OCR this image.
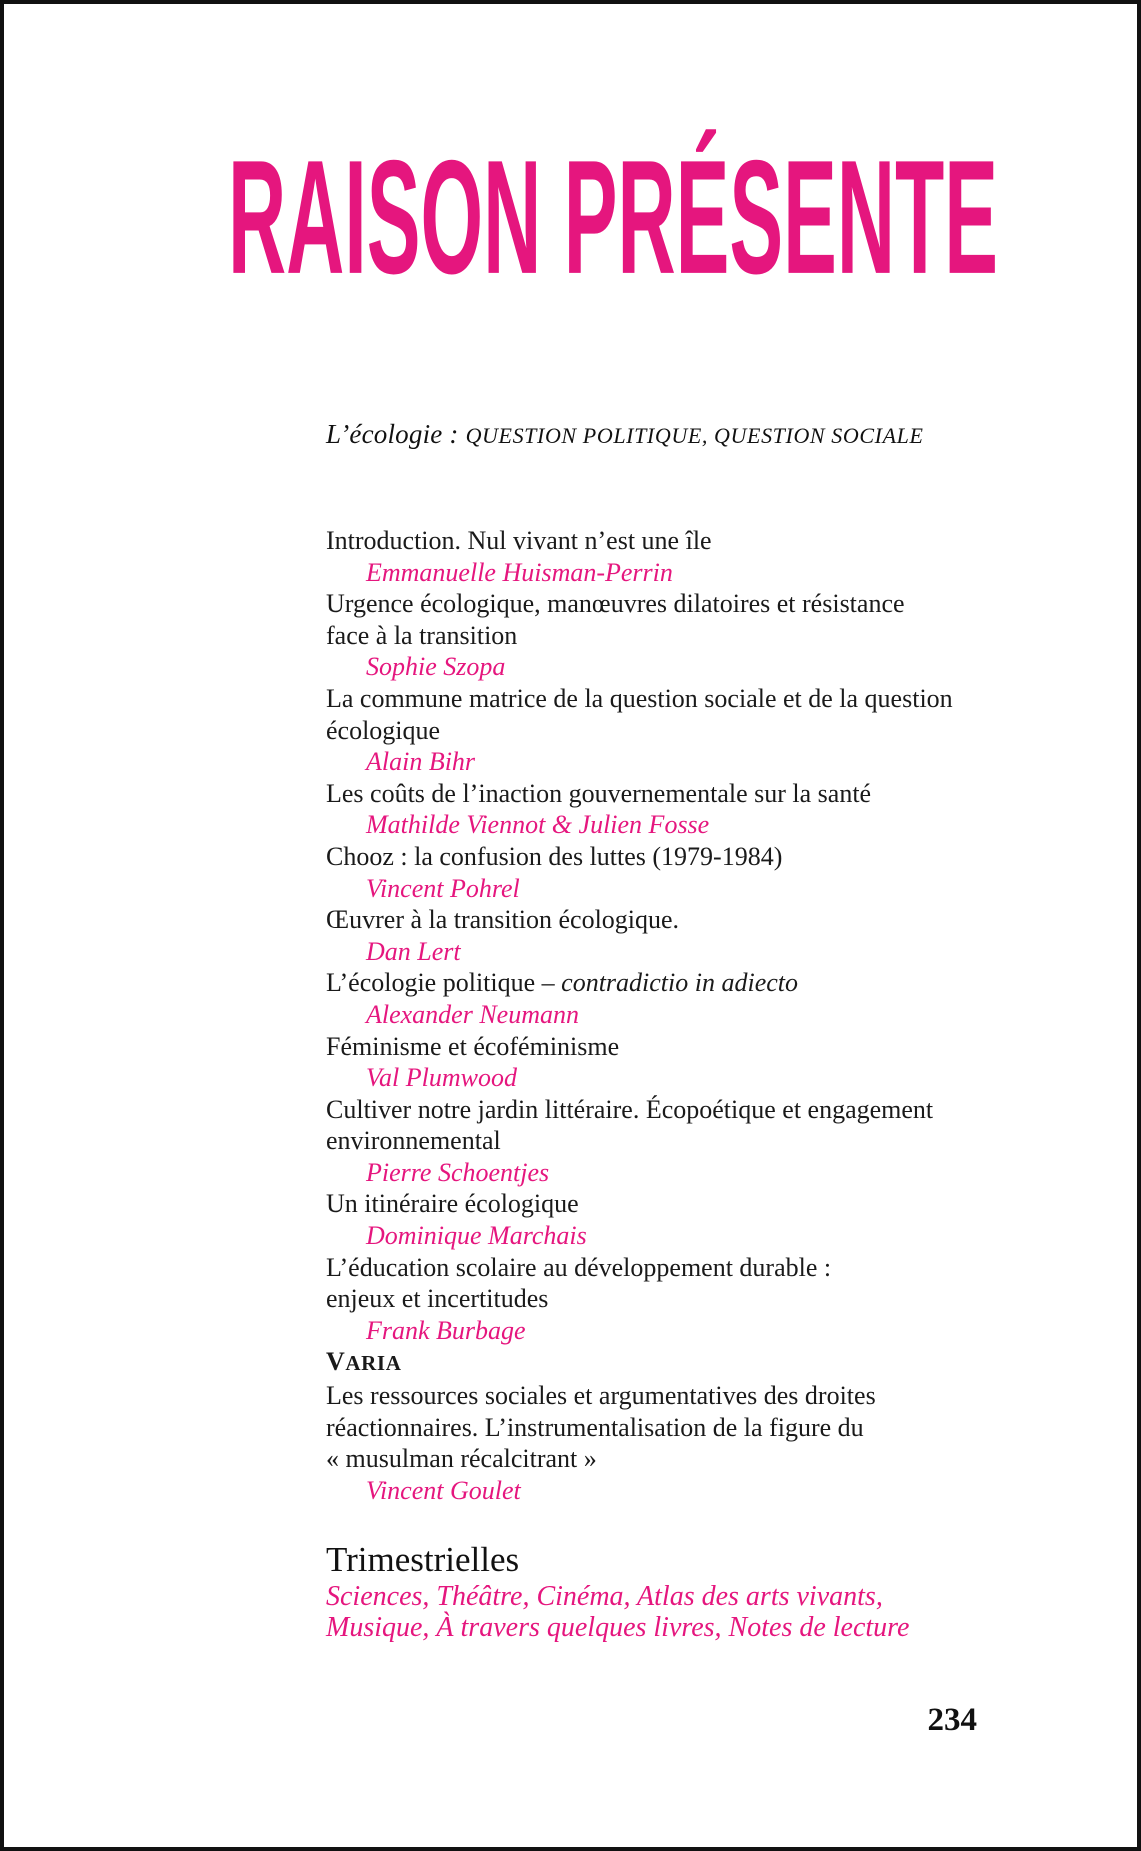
RAISON PRÉSENTE
L’écologie : QUESTION POLITIQUE, QUESTION SOCIALE
Introduction. Nul vivant n’est une île
Emmanuelle Huisman-Perrin
Urgence écologique, manœuvres dilatoires et résistance
face à la transition
Sophie Szopa
La commune matrice de la question sociale et de la question
écologique
Alain Bihr
Les coûts de l’inaction gouvernementale sur la santé
Mathilde Viennot & Julien Fosse
Chooz : la confusion des luttes (1979-1984)
Vincent Pohrel
Œuvrer à la transition écologique.
Dan Lert
L’écologie politique – contradictio in adiecto
Alexander Neumann
Féminisme et écoféminisme
Val Plumwood
Cultiver notre jardin littéraire. Écopoétique et engagement
environnemental
Pierre Schoentjes
Un itinéraire écologique
Dominique Marchais
L’éducation scolaire au développement durable :
enjeux et incertitudes
Frank Burbage
VARIA
Les ressources sociales et argumentatives des droites
réactionnaires. L’instrumentalisation de la figure du
« musulman récalcitrant »
Vincent Goulet
Trimestrielles
Sciences, Théâtre, Cinéma, Atlas des arts vivants,
Musique, À travers quelques livres, Notes de lecture
234
